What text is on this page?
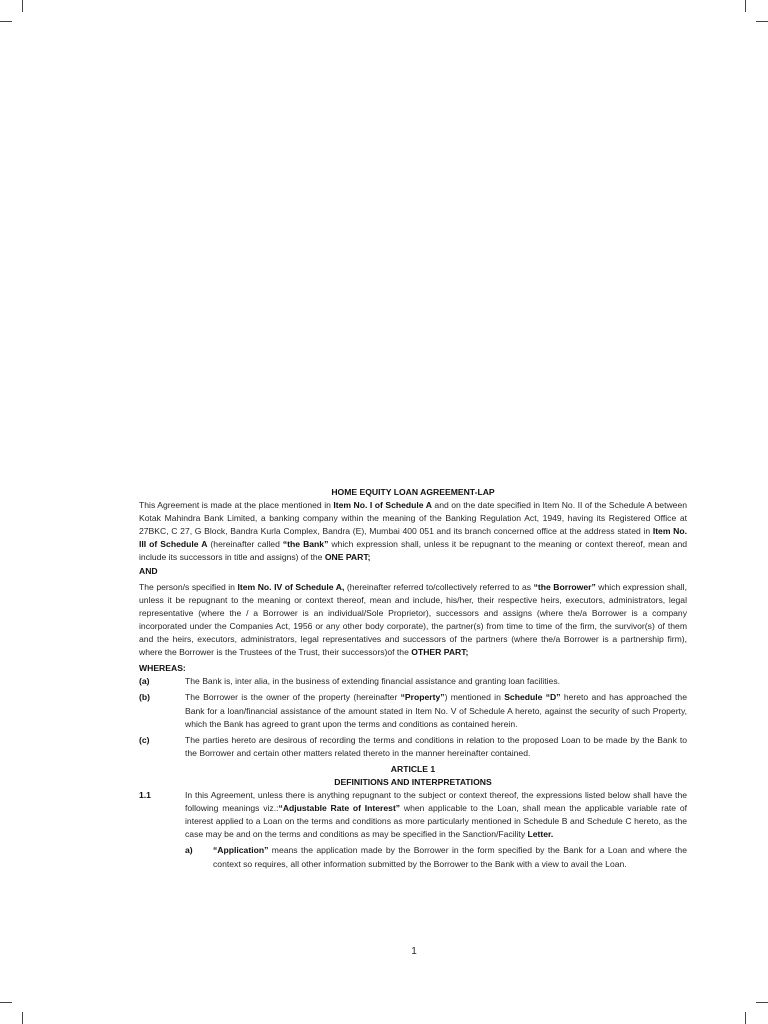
HOME EQUITY LOAN AGREEMENT-LAP

This Agreement is made at the place mentioned in Item No. I of Schedule A and on the date specified in Item No. II of the Schedule A between Kotak Mahindra Bank Limited, a banking company within the meaning of the Banking Regulation Act, 1949, having its Registered Office at 27BKC, C 27, G Block, Bandra Kurla Complex, Bandra (E), Mumbai 400 051 and its branch concerned office at the address stated in Item No. III of Schedule A (hereinafter called “the Bank” which expression shall, unless it be repugnant to the meaning or context thereof, mean and include its successors in title and assigns) of the ONE PART;

AND

The person/s specified in Item No. IV of Schedule A, (hereinafter referred to/collectively referred to as “the Borrower” which expression shall, unless it be repugnant to the meaning or context thereof, mean and include, his/her, their respective heirs, executors, administrators, legal representative (where the / a Borrower is an individual/Sole Proprietor), successors and assigns (where the/a Borrower is a company incorporated under the Companies Act, 1956 or any other body corporate), the partner(s) from time to time of the firm, the survivor(s) of them and the heirs, executors, administrators, legal representatives and successors of the partners (where the/a Borrower is a partnership firm), where the Borrower is the Trustees of the Trust, their successors)of the OTHER PART;

WHEREAS:

(a)	The Bank is, inter alia, in the business of extending financial assistance and granting loan facilities.
(b)	The Borrower is the owner of the property (hereinafter “Property”) mentioned in Schedule “D” hereto and has approached the Bank for a loan/financial assistance of the amount stated in Item No. V of Schedule A hereto, against the security of such Property, which the Bank has agreed to grant upon the terms and conditions as contained herein.
(c)	The parties hereto are desirous of recording the terms and conditions in relation to the proposed Loan to be made by the Bank to the Borrower and certain other matters related thereto in the manner hereinafter contained.

ARTICLE 1

DEFINITIONS AND INTERPRETATIONS

1.1	In this Agreement, unless there is anything repugnant to the subject or context thereof, the expressions listed below shall have the following meanings viz.:“Adjustable Rate of Interest” when applicable to the Loan, shall mean the applicable variable rate of interest applied to a Loan on the terms and conditions as more particularly mentioned in Schedule B and Schedule C hereto, as the case may be and on the terms and conditions as may be specified in the Sanction/Facility Letter.
a)	“Application” means the application made by the Borrower in the form specified by the Bank for a Loan and where the context so requires, all other information submitted by the Borrower to the Bank with a view to avail the Loan.
1
